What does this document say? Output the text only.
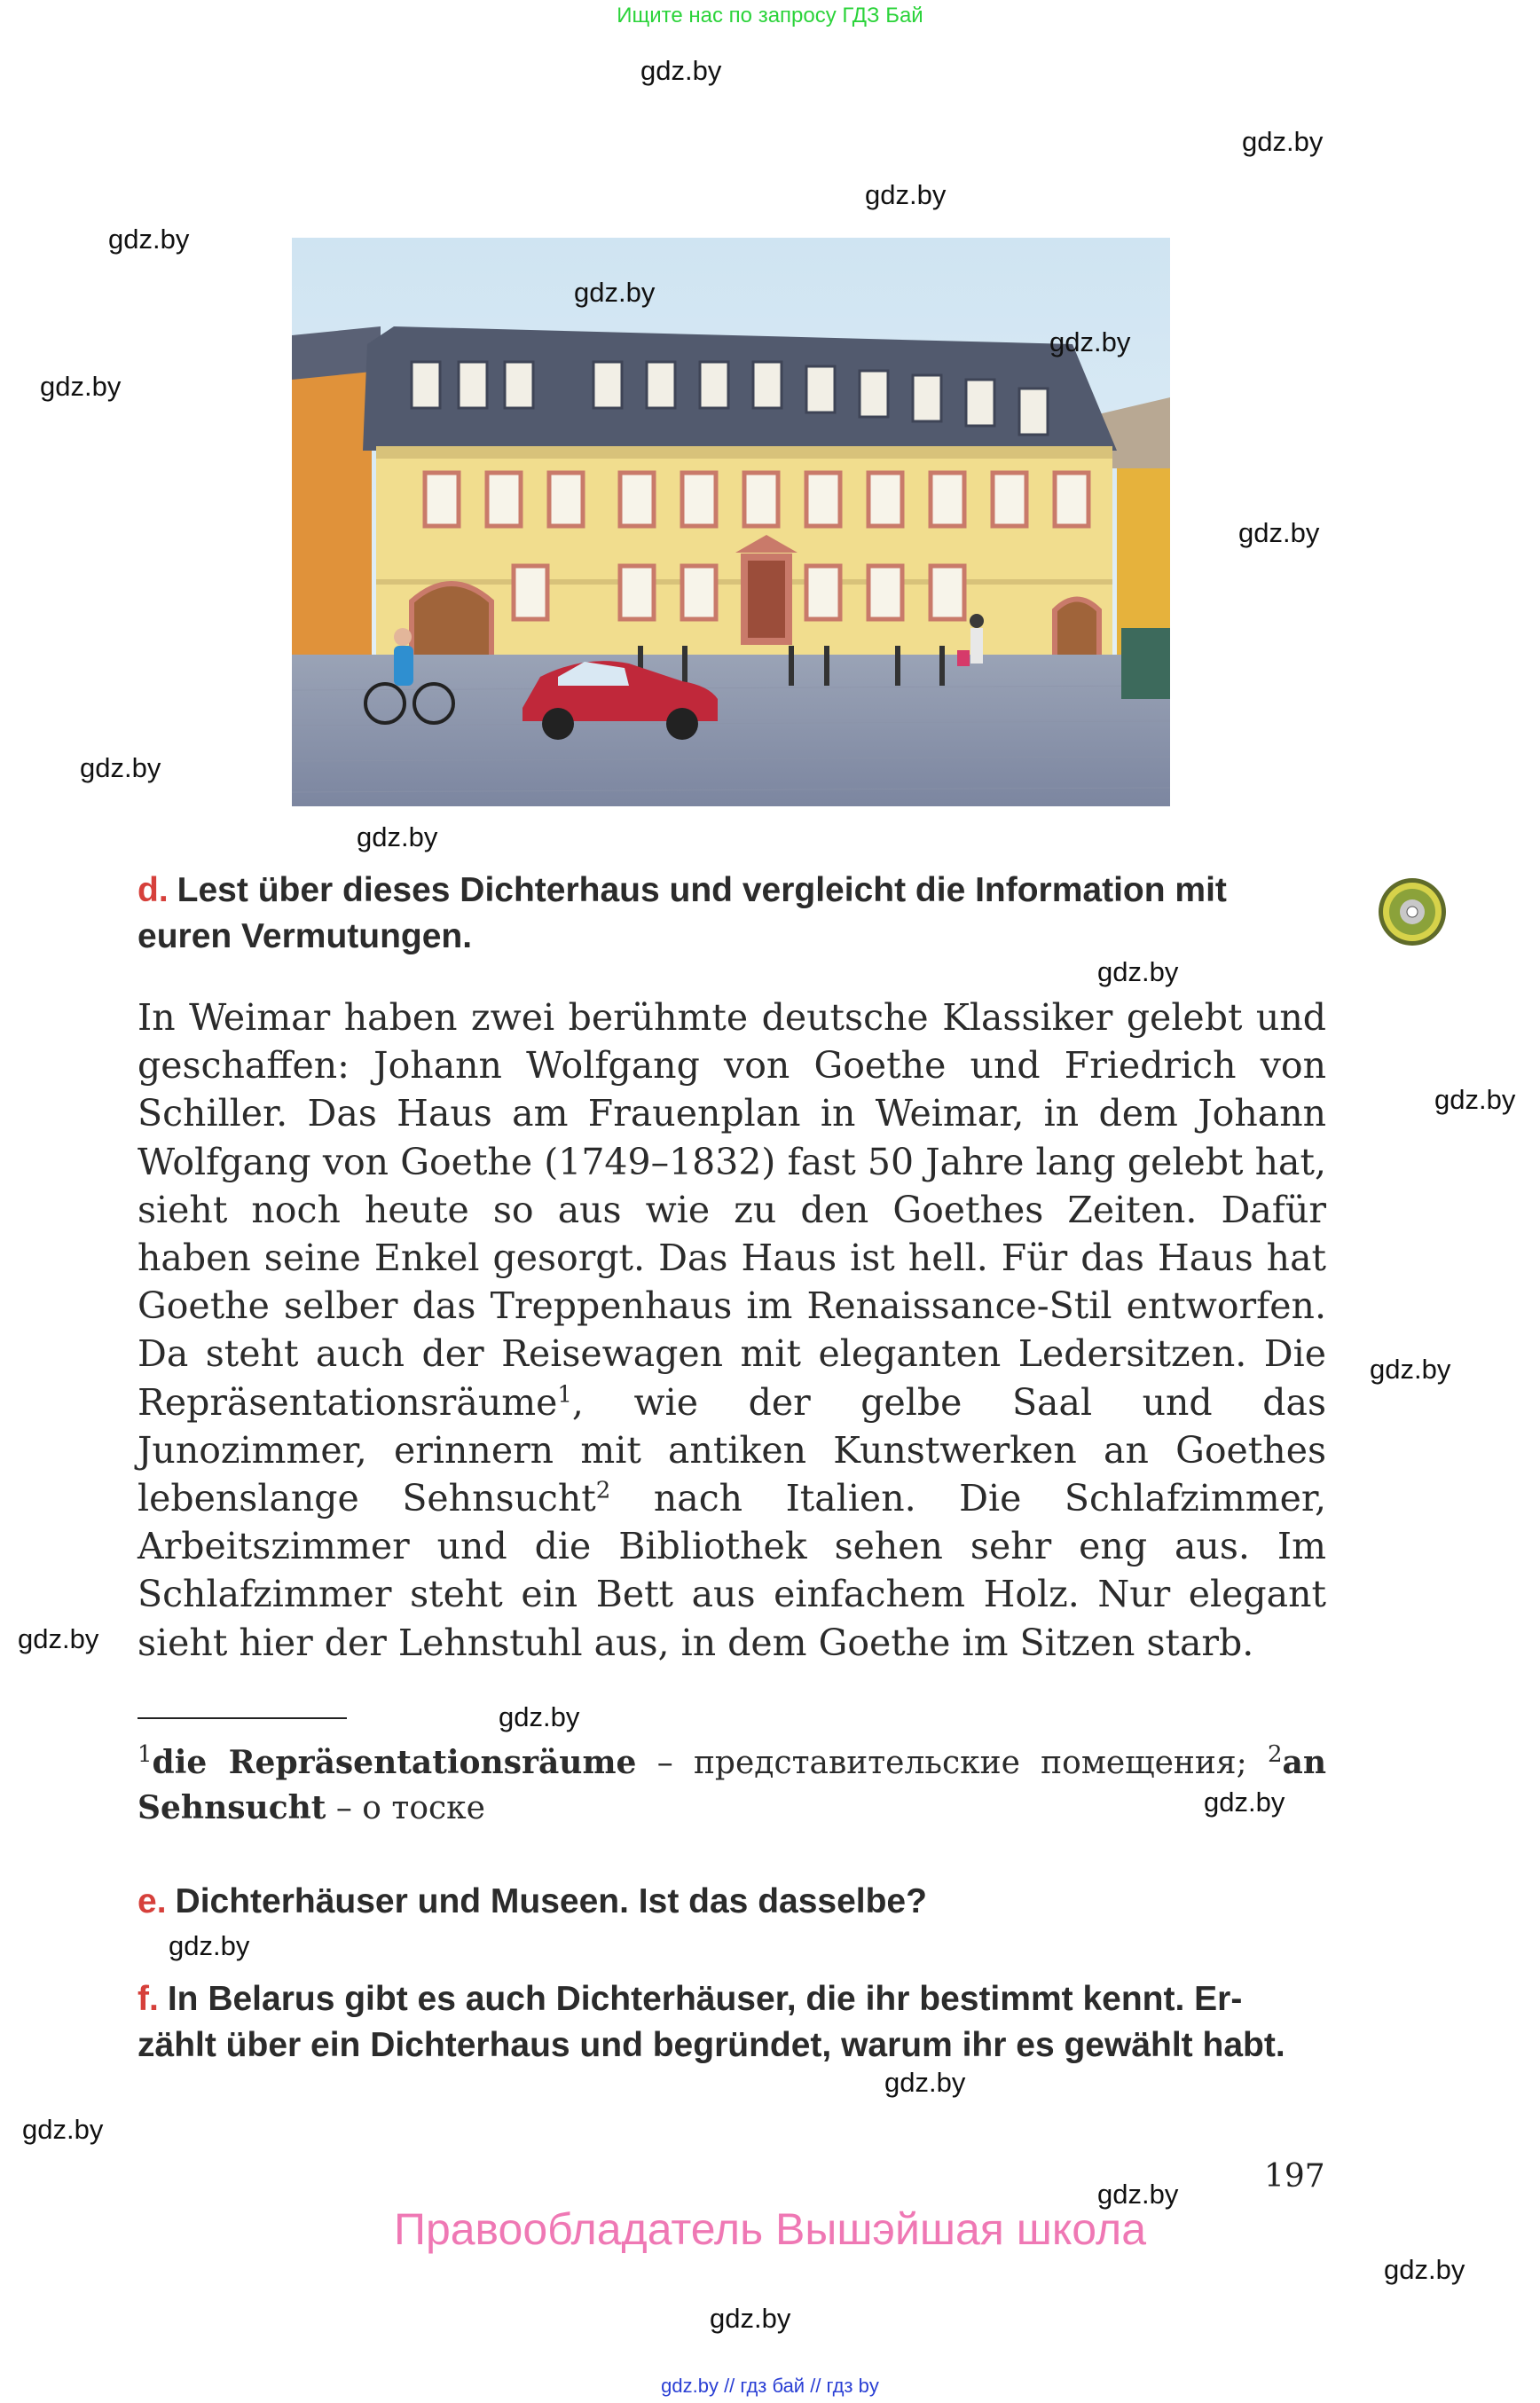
Ищите нас по запросу ГДЗ Бай
d. Lest über dieses Dichterhaus und vergleicht die Information mit
euren Vermutungen.
In Weimar haben zwei berühmte deutsche Klassiker gelebt und geschaffen: Johann Wolfgang von Goethe und Friedrich von Schiller. Das Haus am Frauenplan in Weimar, in dem Johann Wolfgang von Goethe (1749–1832) fast 50 Jahre lang gelebt hat, sieht noch heute so aus wie zu den Goethes Zeiten. Dafür haben seine Enkel gesorgt. Das Haus ist hell. Für das Haus hat Goethe selber das Treppenhaus im Renaissance-Stil entworfen. Da steht auch der Reisewagen mit eleganten Ledersitzen. Die Repräsentationsräume$^1$, wie der gelbe Saal und das Junozimmer, erinnern mit antiken Kunstwerken an Goethes lebenslange Sehnsucht$^2$ nach Italien. Die Schlafzimmer, Arbeitszimmer und die Bibliothek sehen sehr eng aus. Im Schlafzimmer steht ein Bett aus einfachem Holz. Nur elegant sieht hier der Lehnstuhl aus, in dem Goethe im Sitzen starb.
$^1$die Repräsentationsräume – представительские помещения; $^2$an Sehnsucht – о тоске
e. Dichterhäuser und Museen. Ist das dasselbe?
f. In Belarus gibt es auch Dichterhäuser, die ihr bestimmt kennt. Er-
zählt über ein Dichterhaus und begründet, warum ihr es gewählt habt.
197
Правообладатель Вышэйшая школа
gdz.by
gdz.by
gdz.by
gdz.by
gdz.by
gdz.by
gdz.by
gdz.by
gdz.by
gdz.by
gdz.by
gdz.by
gdz.by
gdz.by
gdz.by
gdz.by
gdz.by
gdz.by
gdz.by
gdz.by
gdz.by
gdz.by
gdz.by // гдз бай // гдз by
